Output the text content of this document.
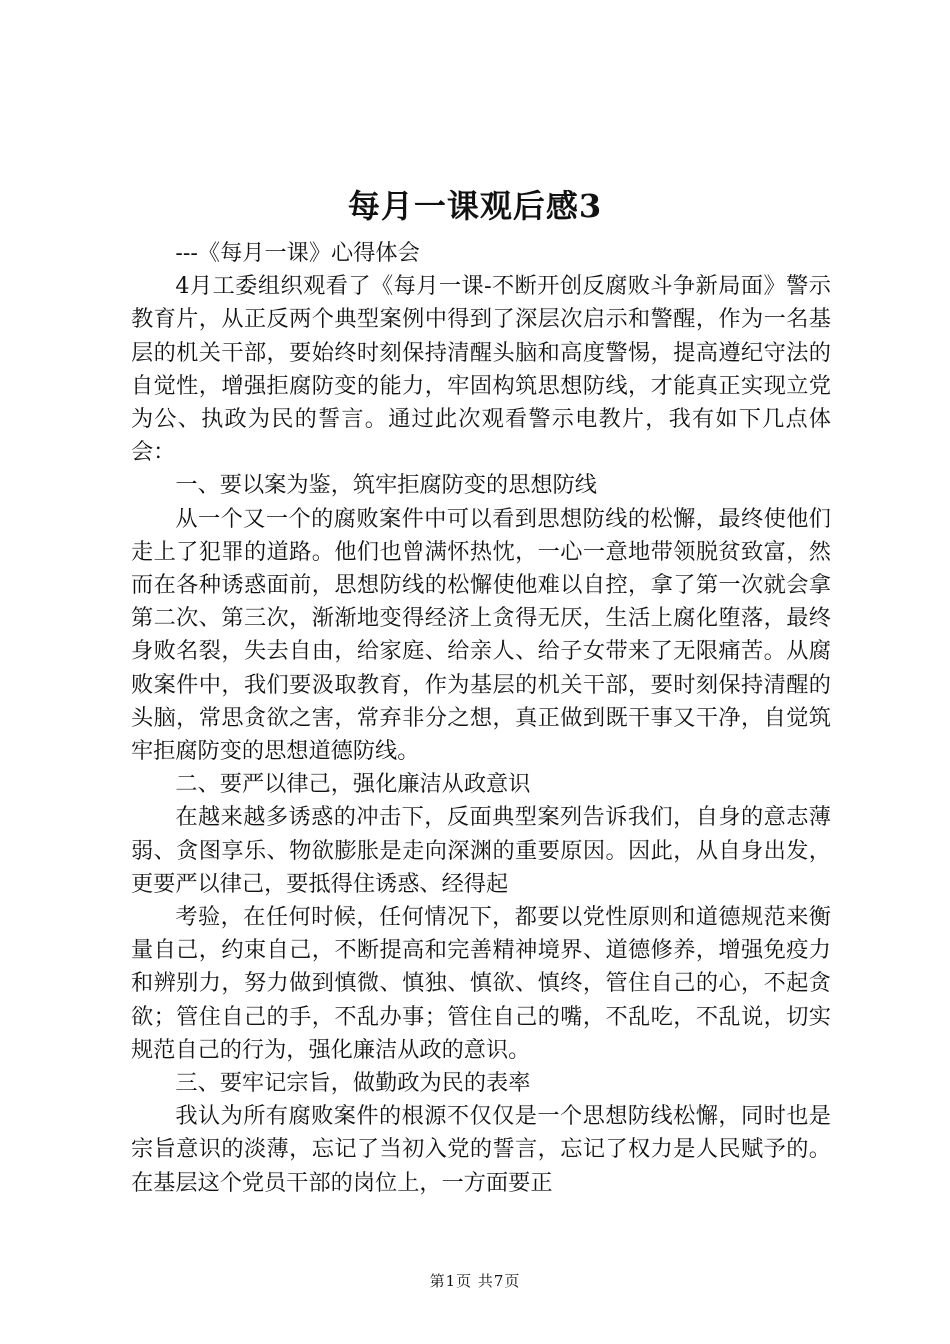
每月一课观后感3

---《每月一课》心得体会

4月工委组织观看了《每月一课-不断开创反腐败斗争新局面》警示教育片，从正反两个典型案例中得到了深层次启示和警醒，作为一名基层的机关干部，要始终时刻保持清醒头脑和高度警惕，提高遵纪守法的自觉性，增强拒腐防变的能力，牢固构筑思想防线，才能真正实现立党为公、执政为民的誓言。通过此次观看警示电教片，我有如下几点体会：

一、要以案为鉴，筑牢拒腐防变的思想防线

从一个又一个的腐败案件中可以看到思想防线的松懈，最终使他们走上了犯罪的道路。他们也曾满怀热忱，一心一意地带领脱贫致富，然而在各种诱惑面前，思想防线的松懈使他难以自控，拿了第一次就会拿第二次、第三次，渐渐地变得经济上贪得无厌，生活上腐化堕落，最终身败名裂，失去自由，给家庭、给亲人、给子女带来了无限痛苦。从腐败案件中，我们要汲取教育，作为基层的机关干部，要时刻保持清醒的头脑，常思贪欲之害，常弃非分之想，真正做到既干事又干净，自觉筑牢拒腐防变的思想道德防线。

二、要严以律己，强化廉洁从政意识

在越来越多诱惑的冲击下，反面典型案列告诉我们，自身的意志薄弱、贪图享乐、物欲膨胀是走向深渊的重要原因。因此，从自身出发，更要严以律己，要抵得住诱惑、经得起

考验，在任何时候，任何情况下，都要以党性原则和道德规范来衡量自己，约束自己，不断提高和完善精神境界、道德修养，增强免疫力和辨别力，努力做到慎微、慎独、慎欲、慎终，管住自己的心，不起贪欲；管住自己的手，不乱办事；管住自己的嘴，不乱吃，不乱说，切实规范自己的行为，强化廉洁从政的意识。

三、要牢记宗旨，做勤政为民的表率

我认为所有腐败案件的根源不仅仅是一个思想防线松懈，同时也是宗旨意识的淡薄，忘记了当初入党的誓言，忘记了权力是人民赋予的。在基层这个党员干部的岗位上，一方面要正

第1页 共7页
